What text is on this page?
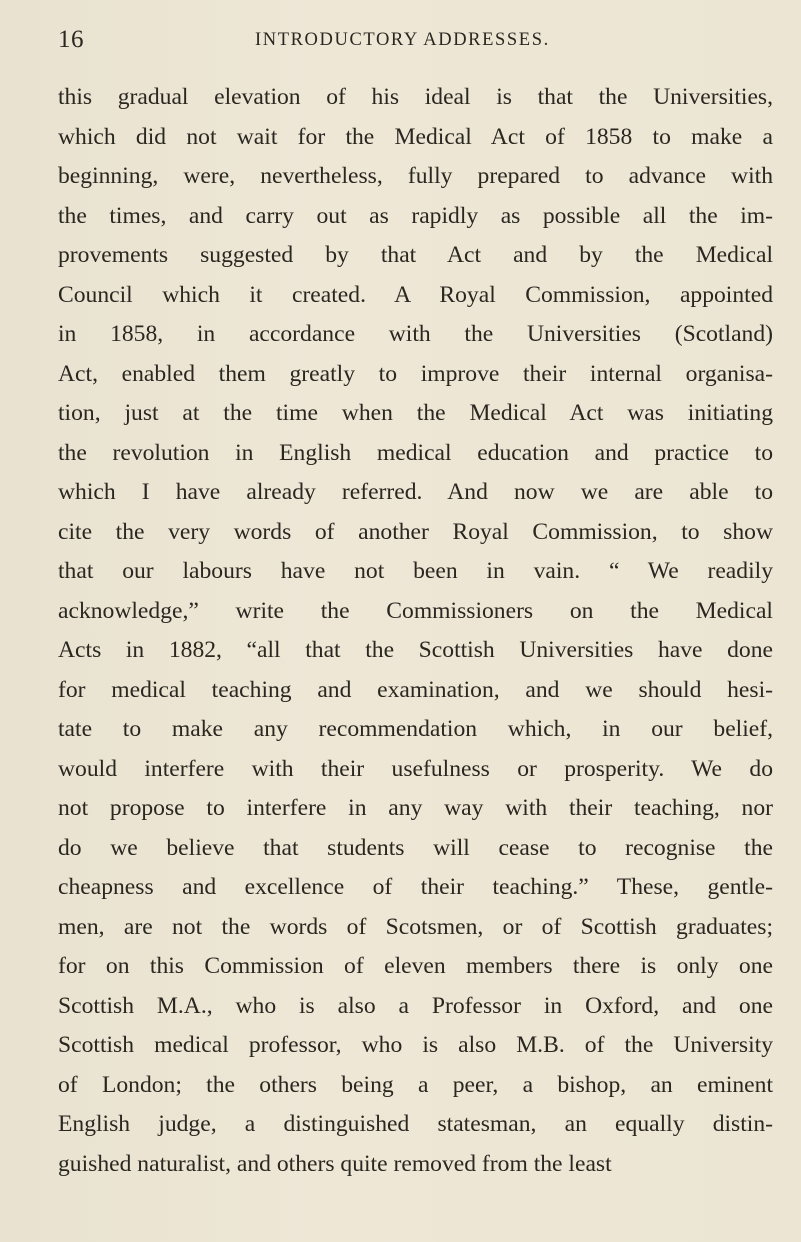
16	INTRODUCTORY ADDRESSES.
this gradual elevation of his ideal is that the Universities,
which did not wait for the Medical Act of 1858 to make a
beginning, were, nevertheless, fully prepared to advance with
the times, and carry out as rapidly as possible all the im-
provements suggested by that Act and by the Medical
Council which it created. A Royal Commission, appointed
in 1858, in accordance with the Universities (Scotland)
Act, enabled them greatly to improve their internal organisa-
tion, just at the time when the Medical Act was initiating
the revolution in English medical education and practice to
which I have already referred. And now we are able to
cite the very words of another Royal Commission, to show
that our labours have not been in vain. “ We readily
acknowledge,” write the Commissioners on the Medical
Acts in 1882, “all that the Scottish Universities have done
for medical teaching and examination, and we should hesi-
tate to make any recommendation which, in our belief,
would interfere with their usefulness or prosperity. We do
not propose to interfere in any way with their teaching, nor
do we believe that students will cease to recognise the
cheapness and excellence of their teaching.” These, gentle-
men, are not the words of Scotsmen, or of Scottish graduates;
for on this Commission of eleven members there is only one
Scottish M.A., who is also a Professor in Oxford, and one
Scottish medical professor, who is also M.B. of the University
of London; the others being a peer, a bishop, an eminent
English judge, a distinguished statesman, an equally distin-
guished naturalist, and others quite removed from the least
